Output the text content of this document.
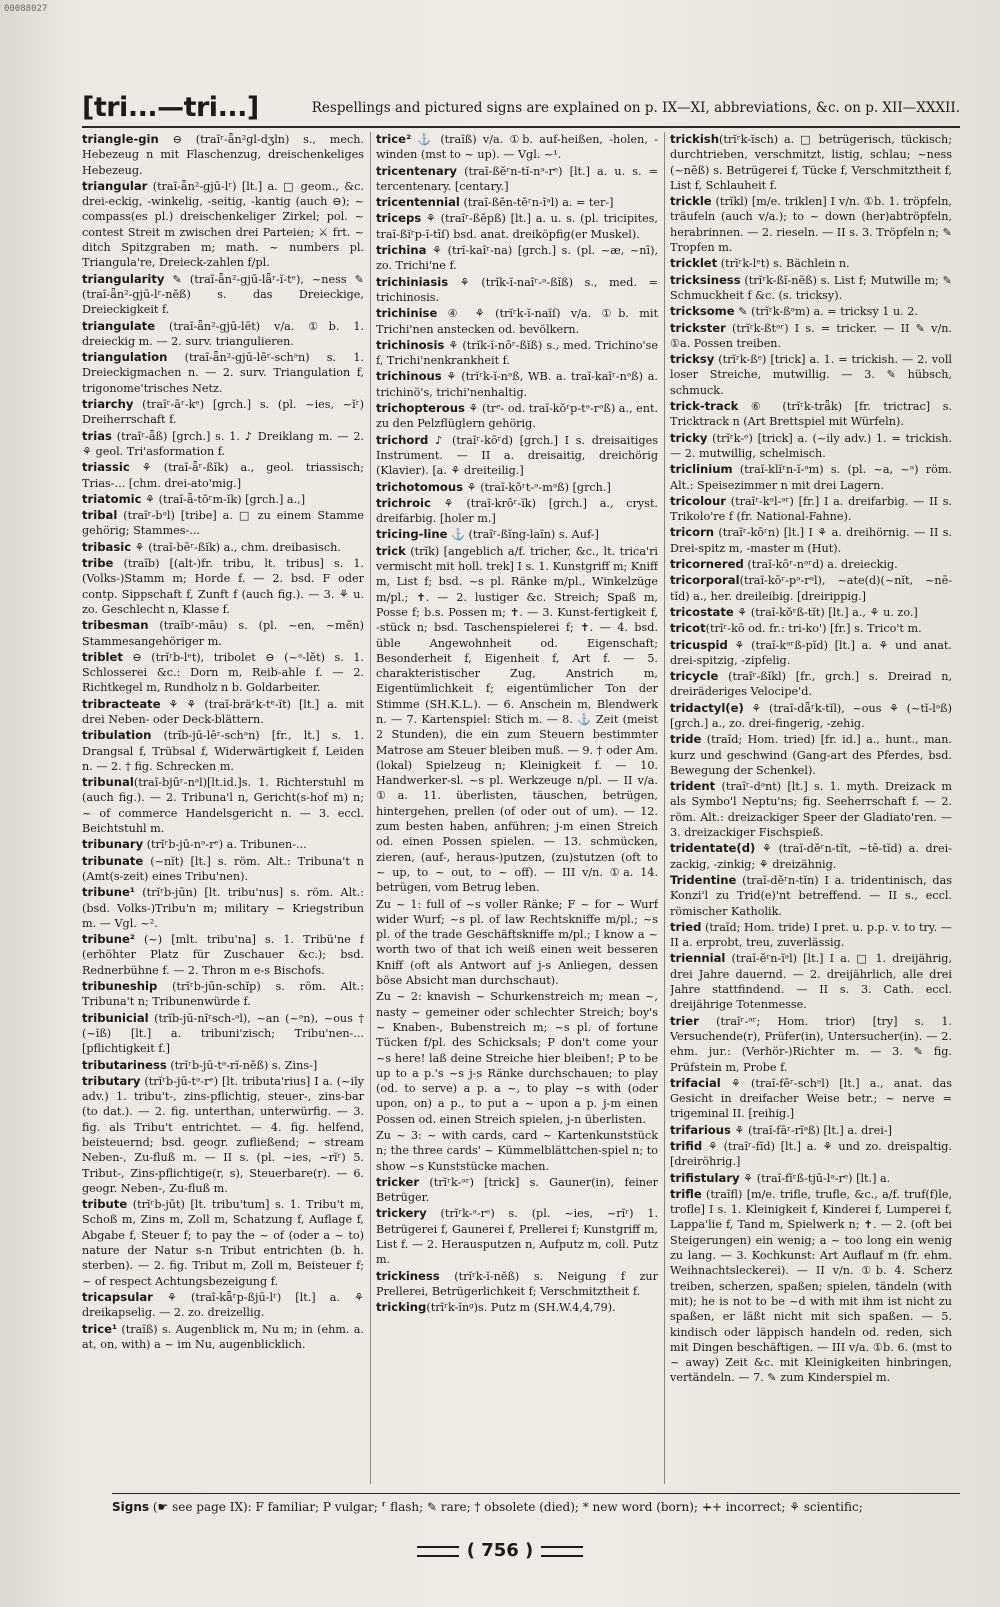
00088027
[tri...—tri...]	Respellings and pictured signs are explained on p. IX—XI, abbreviations, &c. on p. XII—XXXII.
triangle-gin ⊖ (traı̄ʳ-ǟn²gl-dʒln) s., mech. Hebezeug n mit Flaschenzug, dreischenkeliges Hebezeug.
triangular (traı̄-ǟn²-gjū-lʳ) [lt.] a. □ geom., &c. drei-eckig, -winkelig, -seitig, -kantig (auch ⊖); ~ compass(es pl.) dreischenkeliger Zirkel; pol. ~ contest Streit m zwischen drei Parteien; ⚔ frt. ~ ditch Spitzgraben m; math. ~ numbers pl. Triangula're, Dreieck-zahlen f/pl.
triangularity ✎ (traı̄-ǟn²-gjū-lǟʳ-ĭ-tᵉ), ~ness ✎ (traı̄-ǟn²-gjū-lʳ-nĕß) s. das Dreieckige, Dreieckigkeit f.
triangulate (traı̄-ǟn²-gjū-lēt) v/a. ①b. 1. dreieckig m. — 2. surv. triangulieren.
triangulation (traı̄-ǟn²-gjū-lēʳ-schᵊn) s. 1. Dreieckigmachen n. — 2. surv. Triangulation f, trigonome'trisches Netz.
triarchy (traı̄ʳ-āʳ-kᵉ) [grch.] s. (pl. ~ies, ~ĭʳ) Dreiherrschaft f.
trias (traı̄ʳ-ǟß) [grch.] s. 1. ♪ Dreiklang m. — 2. ⚘ geol. Tri'asformation f.
triassic ⚘ (traı̄-ǟʳ-ßĭk) a., geol. triassisch; Trias-... [chm. drei-ato'mig.]
triatomic ⚘ (traı̄-ǟ-tŏʳm-ĭk) [grch.] a.,]
tribal (traı̄ʳ-bᵊl) [tribe] a. □ zu einem Stamme gehörig; Stammes-...
tribasic ⚘ (traı̄-bēʳ-ßĭk) a., chm. dreibasisch.
tribe (traı̄b) [(alt-)fr. tribu, lt. tribus] s. 1. (Volks-)Stamm m; Horde f. — 2. bsd. F oder contp. Sippschaft f, Zunft f (auch fig.). — 3. ⚘ u. zo. Geschlecht n, Klasse f.
tribesman (traı̄bʳ-māu) s. (pl. ~en, ~mĕn) Stammesangehöriger m.
triblet ⊖ (trĭʳb-lᵉt), tribolet ⊖ (~ᵊ-lĕt) s. 1. Schlosserei &c.: Dorn m, Reib-ahle f. — 2. Richtkegel m, Rundholz n b. Goldarbeiter.
tribracteate ⚘ ⚘ (traı̄-bräʳk-tᵉ-ĭt) [lt.] a. mit drei Neben- oder Deck-blättern.
tribulation (trĭb-jū-lēʳ-schᵊn) [fr., lt.] s. 1. Drangsal f, Trübsal f, Widerwärtigkeit f, Leiden n. — 2. † fig. Schrecken m.
tribunal(traı̄-bjūʳ-nᵊl)[lt.id.]s. 1. Richterstuhl m (auch fig.). — 2. Tribuna'l n, Gericht(s-hof m) n; ~ of commerce Handelsgericht n. — 3. eccl. Beichtstuhl m.
tribunary (trĭʳb-jū-nᵊ-rᵉ) a. Tribunen-...
tribunate (~nĭt) [lt.] s. röm. Alt.: Tribuna't n (Amt(s-zeit) eines Tribu'nen).
tribune¹ (trĭʳb-jūn) [lt. tribu'nus] s. röm. Alt.: (bsd. Volks-)Tribu'n m; military ~ Kriegstribun m. — Vgl. ~².
tribune² (~) [mlt. tribu'na] s. 1. Tribü'ne f (erhöhter Platz für Zuschauer &c.); bsd. Rednerbühne f. — 2. Thron m e-s Bischofs.
tribuneship (trĭʳb-jūn-schĭp) s. röm. Alt.: Tribuna't n; Tribunenwürde f.
tribunicial (trĭb-jū-nĭʳsch-ᵊl), ~an (~ᵊn), ~ous † (~ĭß) [lt.] a. tribuni'zisch; Tribu'nen-... [pflichtigkeit f.]
tributariness (trĭʳb-jū-tᵊ-rĭ-nĕß) s. Zins-]
tributary (trĭʳb-jū-tᵊ-rᵉ) [lt. tributa'rius] I a. (~ily adv.) 1. tribu't-, zins-pflichtig, steuer-, zins-bar (to dat.). — 2. fig. unterthan, unterwürfig. — 3. fig. als Tribu't entrichtet. — 4. fig. helfend, beisteuernd; bsd. geogr. zufließend; ~ stream Neben-, Zu-fluß m. — II s. (pl. ~ies, ~rĭʳ) 5. Tribut-, Zins-pflichtige(r, s), Steuerbare(r). — 6. geogr. Neben-, Zu-fluß m.
tribute (trĭʳb-jūt) [lt. tribu'tum] s. 1. Tribu't m, Schoß m, Zins m, Zoll m, Schatzung f, Auflage f, Abgabe f, Steuer f; to pay the ~ of (oder a ~ to) nature der Natur s-n Tribut entrichten (b. h. sterben). — 2. fig. Tribut m, Zoll m, Beisteuer f; ~ of respect Achtungsbezeigung f.
tricapsular ⚘ (traı̄-kǟʳp-ßjū-lʳ) [lt.] a. ⚘ dreikapselig. — 2. zo. dreizellig.
trice¹ (traı̄ß) s. Augenblick m, Nu m; in (ehm. a. at, on, with) a ~ im Nu, augenblicklich.
trice² ⚓ (traı̄ß) v/a. ①b. auf-heißen, -holen, -winden (mst to ~ up). — Vgl. ~¹.
tricentenary (traı̄-ßĕʳn-tĭ-nᵊ-rᵉ) [lt.] a. u. s. = tercentenary. [centary.]
tricentennial (traı̄-ßĕn-tĕʳn-ĭᵊl) a. = ter-]
triceps ⚘ (traı̄ʳ-ßĕpß) [lt.] a. u. s. (pl. tricipites, traı̄-ßĭʳp-ĭ-tīſ) bsd. anat. dreiköpfig(er Muskel).
trichina ⚘ (trĭ-kaı̄ʳ-na) [grch.] s. (pl. ~æ, ~nī), zo. Trichi'ne f.
trichiniasis ⚘ (trĭk-ĭ-naı̄ʳ-ᵊ-ßĭß) s., med. = trichinosis.
trichinise ④ ⚘ (trĭʳk-ĭ-naı̄ſ) v/a. ①b. mit Trichi'nen anstecken od. bevölkern.
trichinosis ⚘ (trĭk-ĭ-nōʳ-ßĭß) s., med. Trichino'se f, Trichi'nenkrankheit f.
trichinous ⚘ (trĭʳk-ĭ-nᵊß, WB. a. traı̄-kaı̄ʳ-nᵊß) a. trichinö's, trichi'nenhaltig.
trichopterous ⚘ (trᵉ- od. traı̄-kŏʳp-tᵊ-rᵊß) a., ent. zu den Pelzflüglern gehörig.
trichord ♪ (traı̄ʳ-kōʳd) [grch.] I s. dreisaitiges Instrument. — II a. dreisaitig, dreichörig (Klavier). [a. ⚘ dreiteilig.]
trichotomous ⚘ (traı̄-kŏʳt-ᵊ-mᵊß) [grch.]
trichroic ⚘ (traı̄-krōʳ-ĭk) [grch.] a., cryst. dreifarbig. [holer m.]
tricing-line ⚓ (traı̄ʳ-ßĭng-laı̄n) s. Auf-]
trick (trĭk) [angeblich a/f. tricher, &c., lt. trica'ri vermischt mit holl. trek] I s. 1. Kunstgriff m; Kniff m, List f; bsd. ~s pl. Ränke m/pl., Winkelzüge m/pl.; ✝. — 2. lustiger &c. Streich; Spaß m, Posse f; b.s. Possen m; ✝. — 3. Kunst-fertigkeit f, -stück n; bsd. Taschenspielerei f; ✝. — 4. bsd. üble Angewohnheit od. Eigenschaft; Besonderheit f, Eigenheit f, Art f. — 5. charakteristischer Zug, Anstrich m, Eigentümlichkeit f; eigentümlicher Ton der Stimme (SH.K.L.). — 6. Anschein m, Blendwerk n. — 7. Kartenspiel: Stich m. — 8. ⚓ Zeit (meist 2 Stunden), die ein zum Steuern bestimmter Matrose am Steuer bleiben muß. — 9. † oder Am. (lokal) Spielzeug n; Kleinigkeit f. — 10. Handwerker-sl. ~s pl. Werkzeuge n/pl. — II v/a. ①a. 11. überlisten, täuschen, betrügen, hintergehen, prellen (of oder out of um). — 12. zum besten haben, anführen; j-m einen Streich od. einen Possen spielen. — 13. schmücken, zieren, (auf-, heraus-)putzen, (zu)stutzen (oft to ~ up, to ~ out, to ~ off). — III v/n. ①a. 14. betrügen, vom Betrug leben.
Zu ~ 1: full of ~s voller Ränke; F ~ for ~ Wurf wider Wurf; ~s pl. of law Rechtskniffe m/pl.; ~s pl. of the trade Geschäftskniffe m/pl.; I know a ~ worth two of that ich weiß einen weit besseren Kniff (oft als Antwort auf j-s Anliegen, dessen böse Absicht man durchschaut).
Zu ~ 2: knavish ~ Schurkenstreich m; mean ~, nasty ~ gemeiner oder schlechter Streich; boy's ~ Knaben-, Bubenstreich m; ~s pl. of fortune Tücken f/pl. des Schicksals; P don't come your ~s here! laß deine Streiche hier bleiben!; P to be up to a p.'s ~s j-s Ränke durchschauen; to play (od. to serve) a p. a ~, to play ~s with (oder upon, on) a p., to put a ~ upon a p. j-m einen Possen od. einen Streich spielen, j-n überlisten.
Zu ~ 3: ~ with cards, card ~ Kartenkunststück n; the three cards' ~ Kümmelblättchen-spiel n; to show ~s Kunststücke machen.
tricker (trĭʳk-ᵊʳ) [trick] s. Gauner(in), feiner Betrüger.
trickery (trĭʳk-ᵊ-rᵉ) s. (pl. ~ies, ~rĭʳ) 1. Betrügerei f, Gaunerei f, Prellerei f; Kunstgriff m, List f. — 2. Herausputzen n, Aufputz m, coll. Putz m.
trickiness (trĭʳk-ĭ-nĕß) s. Neigung f zur Prellerei, Betrügerlichkeit f; Verschmitztheit f.
tricking(trĭʳk-ĭnᵍ)s. Putz m (SH.W.4,4,79).
trickish(trĭʳk-ĭsch) a. □ betrügerisch, tückisch; durchtrieben, verschmitzt, listig, schlau; ~ness (~nĕß) s. Betrügerei f, Tücke f, Verschmitztheit f, List f, Schlauheit f.
trickle (trĭkl) [m/e. triklen] I v/n. ①b. 1. tröpfeln, träufeln (auch v/a.); to ~ down (her)abtröpfeln, herabrinnen. — 2. rieseln. — II s. 3. Tröpfeln n; ✎ Tropfen m.
tricklet (trĭʳk-lᵉt) s. Bächlein n.
tricksiness (trĭʳk-ßĭ-nĕß) s. List f; Mutwille m; ✎ Schmuckheit f &c. (s. tricksy).
tricksome ✎ (trĭʳk-ßᵊm) a. = tricksy 1 u. 2.
trickster (trĭʳk-ßtᵊʳ) I s. = tricker. — II ✎ v/n. ①a. Possen treiben.
tricksy (trĭʳk-ßᵉ) [trick] a. 1. = trickish. — 2. voll loser Streiche, mutwillig. — 3. ✎ hübsch, schmuck.
trick-track ⑥ (trĭʳk-trǟk) [fr. trictrac] s. Tricktrack n (Art Brettspiel mit Würfeln).
tricky (trĭʳk-ᵉ) [trick] a. (~ily adv.) 1. = trickish. — 2. mutwillig, schelmisch.
triclinium (traı̄-klĭʳn-ĭ-ᵊm) s. (pl. ~a, ~ᵊ) röm. Alt.: Speisezimmer n mit drei Lagern.
tricolour (traı̄ʳ-kᵊl-ᵊʳ) [fr.] I a. dreifarbig. — II s. Trikolo're f (fr. National-Fahne).
tricorn (traı̄ʳ-kōʳn) [lt.] I ⚘ a. dreihörnig. — II s. Drei-spitz m, -master m (Hut).
tricornered (traı̄-kōʳ-nᵊʳd) a. dreieckig.
tricorporal(traı̄-kōʳ-pᵊ-rᵊl), ~ate(d)(~nĭt, ~nē-tĭd) a., her. dreileibig. [dreirippig.]
tricostate ⚘ (traı̄-kŏʳß-tĭt) [lt.] a., ⚘ u. zo.]
tricot(trĭʳ-kō od. fr.: tri-ko') [fr.] s. Trico't m.
tricuspid ⚘ (traı̄-kᵊʳß-pĭd) [lt.] a. ⚘ und anat. drei-spitzig, -zipfelig.
tricycle (traı̄ʳ-ßĭkl) [fr., grch.] s. Dreirad n, dreiräderiges Velocipe'd.
tridactyl(e) ⚘ (traı̄-dǟʳk-tĭl), ~ous ⚘ (~tĭ-lᵊß) [grch.] a., zo. drei-fingerig, -zehig.
tride (traı̄d; Hom. tried) [fr. id.] a., hunt., man. kurz und geschwind (Gang-art des Pferdes, bsd. Bewegung der Schenkel).
trident (traı̄ʳ-dᵊnt) [lt.] s. 1. myth. Dreizack m als Symbo'l Neptu'ns; fig. Seeherrschaft f. — 2. röm. Alt.: dreizackiger Speer der Gladiato'ren. — 3. dreizackiger Fischspieß.
tridentate(d) ⚘ (traı̄-dĕʳn-tĭt, ~tē-tĭd) a. drei-zackig, -zinkig; ⚘ dreizähnig.
Tridentine (traı̄-dĕʳn-tĭn) I a. tridentinisch, das Konzi'l zu Trid(e)'nt betreffend. — II s., eccl. römischer Katholik.
tried (traı̄d; Hom. tride) I pret. u. p.p. v. to try. — II a. erprobt, treu, zuverlässig.
triennial (traı̄-ĕʳn-ĭᵊl) [lt.] I a. □ 1. dreijährig, drei Jahre dauernd. — 2. dreijährlich, alle drei Jahre stattfindend. — II s. 3. Cath. eccl. dreijährige Totenmesse.
trier (traı̄ʳ-ᵊʳ; Hom. trior) [try] s. 1. Versuchende(r), Prüfer(in), Untersucher(in). — 2. ehm. jur.: (Verhör-)Richter m. — 3. ✎ fig. Prüfstein m, Probe f.
trifacial ⚘ (traı̄-fēʳ-schᵊl) [lt.] a., anat. das Gesicht in dreifacher Weise betr.; ~ nerve = trigeminal II. [reihig.]
trifarious ⚘ (traı̄-fāʳ-rĭᵊß) [lt.] a. drei-]
trifid ⚘ (traı̄ʳ-fĭd) [lt.] a. ⚘ und zo. dreispaltig. [dreiröhrig.]
trifistulary ⚘ (traı̄-fĭʳß-tjū-lᵊ-rᵉ) [lt.] a.
trifle (traı̄fl) [m/e. trifle, trufle, &c., a/f. truf(f)le, trofle] I s. 1. Kleinigkeit f, Kinderei f, Lumperei f, Lappa'lie f, Tand m, Spielwerk n; ✝. — 2. (oft bei Steigerungen) ein wenig; a ~ too long ein wenig zu lang. — 3. Kochkunst: Art Auflauf m (fr. ehm. Weihnachtsleckerei). — II v/n. ①b. 4. Scherz treiben, scherzen, spaßen; spielen, tändeln (with mit); he is not to be ~d with mit ihm ist nicht zu spaßen, er läßt nicht mit sich spaßen. — 5. kindisch oder läppisch handeln od. reden, sich mit Dingen beschäftigen. — III v/a. ①b. 6. (mst to ~ away) Zeit &c. mit Kleinigkeiten hinbringen, vertändeln. — 7. ✎ zum Kinderspiel m.
Signs (☛ see page IX): F familiar; P vulgar; ⸢ flash; ✎ rare; † obsolete (died); * new word (born); +̶+ incorrect; ⚘ scientific;
( 756 )
